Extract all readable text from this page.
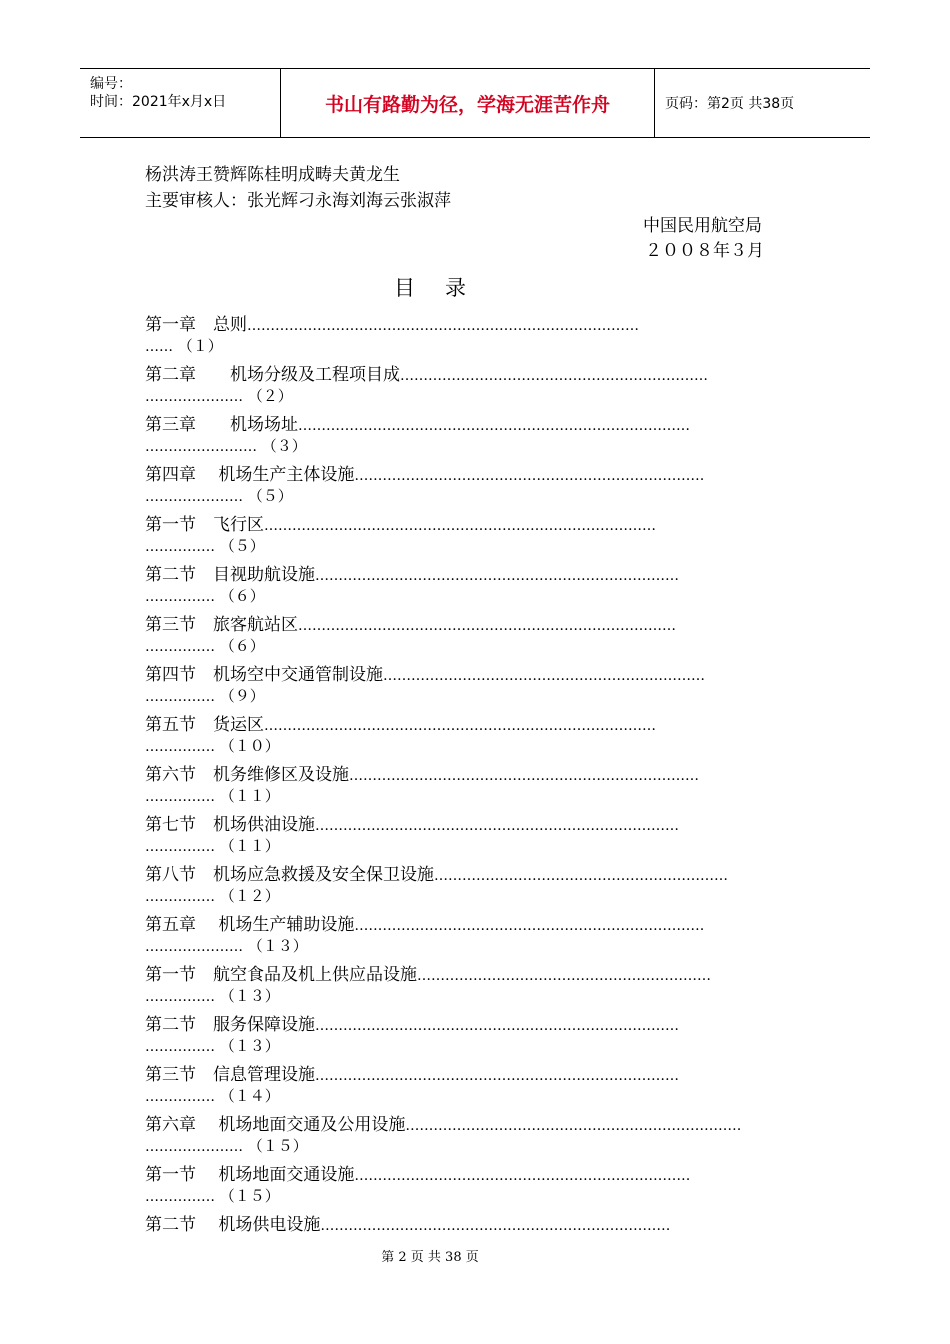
编号：
时间：2021年x月x日	书山有路勤为径，学海无涯苦作舟	页码：第2页 共38页
杨洪涛王赞辉陈桂明成畴夫黄龙生
主要审核人：张光辉刁永海刘海云张淑萍
中国民用航空局
２００８年３月
目 录
第一章　总则…………………………………………………………………………
…… （１）
第二章　　机场分级及工程项目成…………………………………………………………
………………… （２）
第三章　　机场场址…………………………………………………………………………
…………………… （３）
第四章　 机场生产主体设施…………………………………………………………………
………………… （５）
第一节　飞行区…………………………………………………………………………
…………… （５）
第二节　目视助航设施……………………………………………………………………
…………… （６）
第三节　旅客航站区………………………………………………………………………
…………… （６）
第四节　机场空中交通管制设施……………………………………………………………
…………… （９）
第五节　货运区…………………………………………………………………………
…………… （１０）
第六节　机务维修区及设施…………………………………………………………………
…………… （１１）
第七节　机场供油设施……………………………………………………………………
…………… （１１）
第八节　机场应急救援及安全保卫设施………………………………………………………
…………… （１２）
第五章　 机场生产辅助设施…………………………………………………………………
………………… （１３）
第一节　航空食品及机上供应品设施………………………………………………………
…………… （１３）
第二节　服务保障设施……………………………………………………………………
…………… （１３）
第三节　信息管理设施……………………………………………………………………
…………… （１４）
第六章　 机场地面交通及公用设施………………………………………………………………
………………… （１５）
第一节　 机场地面交通设施………………………………………………………………
…………… （１５）
第二节　 机场供电设施…………………………………………………………………
第 2 页 共 38 页
